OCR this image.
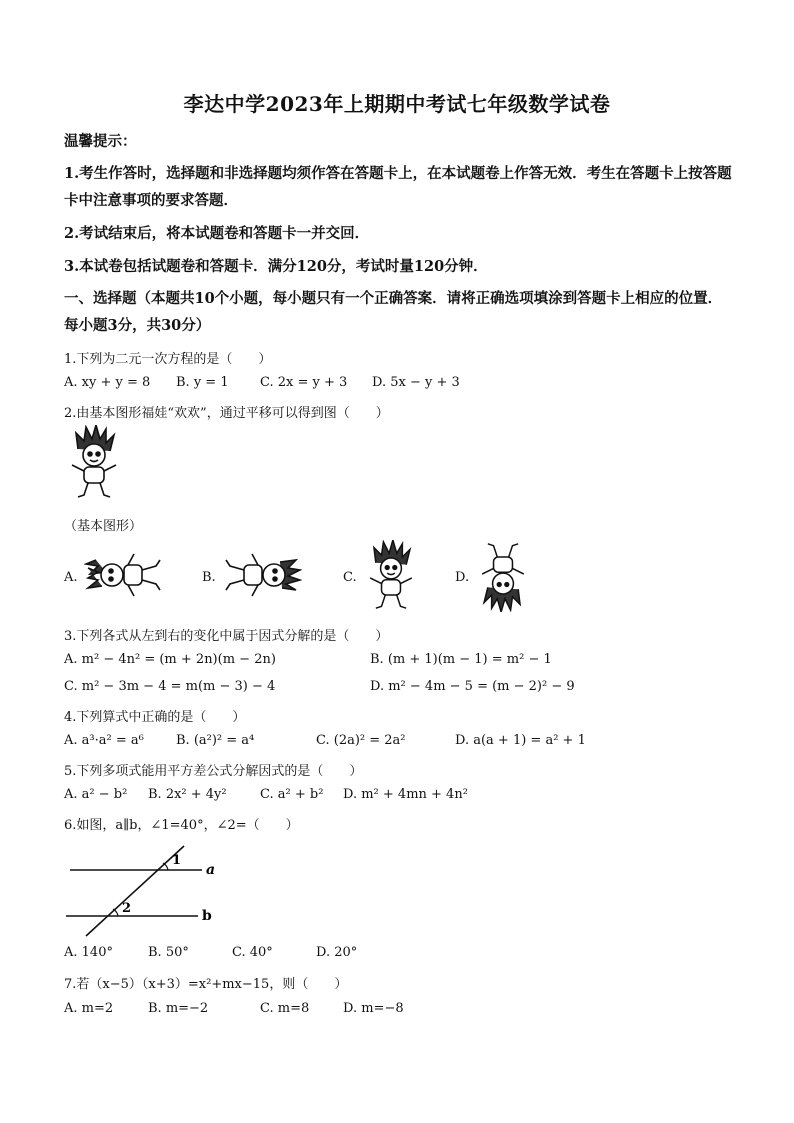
李达中学2023年上期期中考试七年级数学试卷
温馨提示：
1.考生作答时，选择题和非选择题均须作答在答题卡上，在本试题卷上作答无效．考生在答题卡上按答题卡中注意事项的要求答题．
2.考试结束后，将本试题卷和答题卡一并交回．
3.本试卷包括试题卷和答题卡．满分120分，考试时量120分钟．
一、选择题（本题共10个小题，每小题只有一个正确答案．请将正确选项填涂到答题卡上相应的位置．每小题3分，共30分）
1.下列为二元一次方程的是（　　）
A. xy + y = 8 B. y = 1 C. 2x = y + 3 D. 5x − y + 3
2.由基本图形福娃“欢欢”，通过平移可以得到图（　　）
（基本图形）
A.	B.	C.	D.
3.下列各式从左到右的变化中属于因式分解的是（　　）
A. m² − 4n² = (m + 2n)(m − 2n)	B. (m + 1)(m − 1) = m² − 1
C. m² − 3m − 4 = m(m − 3) − 4	D. m² − 4m − 5 = (m − 2)² − 9
4.下列算式中正确的是（　　）
A. a³·a² = a⁶ B. (a²)² = a⁴	C. (2a)² = 2a²	D. a(a + 1) = a² + 1
5.下列多项式能用平方差公式分解因式的是（　　）
A. a² − b² B. 2x² + 4y²	C. a² + b² D. m² + 4mn + 4n²
6.如图，a∥b，∠1=40°，∠2=（　　）
1
2
a
b
A. 140°	B. 50°	C. 40°	D. 20°
7.若（x−5）（x+3）=x²+mx−15，则（　　）
A. m=2	B. m=−2	C. m=8	D. m=−8
